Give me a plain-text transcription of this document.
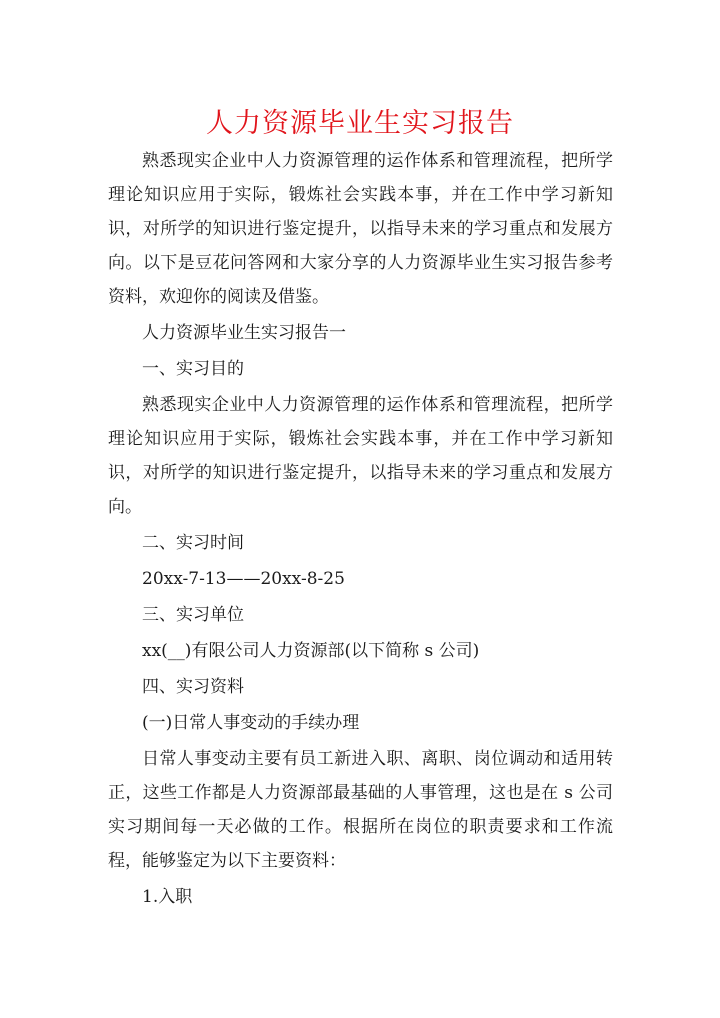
人力资源毕业生实习报告

熟悉现实企业中人力资源管理的运作体系和管理流程，把所学理论知识应用于实际，锻炼社会实践本事，并在工作中学习新知识，对所学的知识进行鉴定提升，以指导未来的学习重点和发展方向。以下是豆花问答网和大家分享的人力资源毕业生实习报告参考资料，欢迎你的阅读及借鉴。

人力资源毕业生实习报告一

一、实习目的

熟悉现实企业中人力资源管理的运作体系和管理流程，把所学理论知识应用于实际，锻炼社会实践本事，并在工作中学习新知识，对所学的知识进行鉴定提升，以指导未来的学习重点和发展方向。

二、实习时间

20xx-7-13——20xx-8-25

三、实习单位

xx(__)有限公司人力资源部(以下简称 s 公司)

四、实习资料

(一)日常人事变动的手续办理

日常人事变动主要有员工新进入职、离职、岗位调动和适用转正，这些工作都是人力资源部最基础的人事管理，这也是在 s 公司实习期间每一天必做的工作。根据所在岗位的职责要求和工作流程，能够鉴定为以下主要资料：

1.入职
